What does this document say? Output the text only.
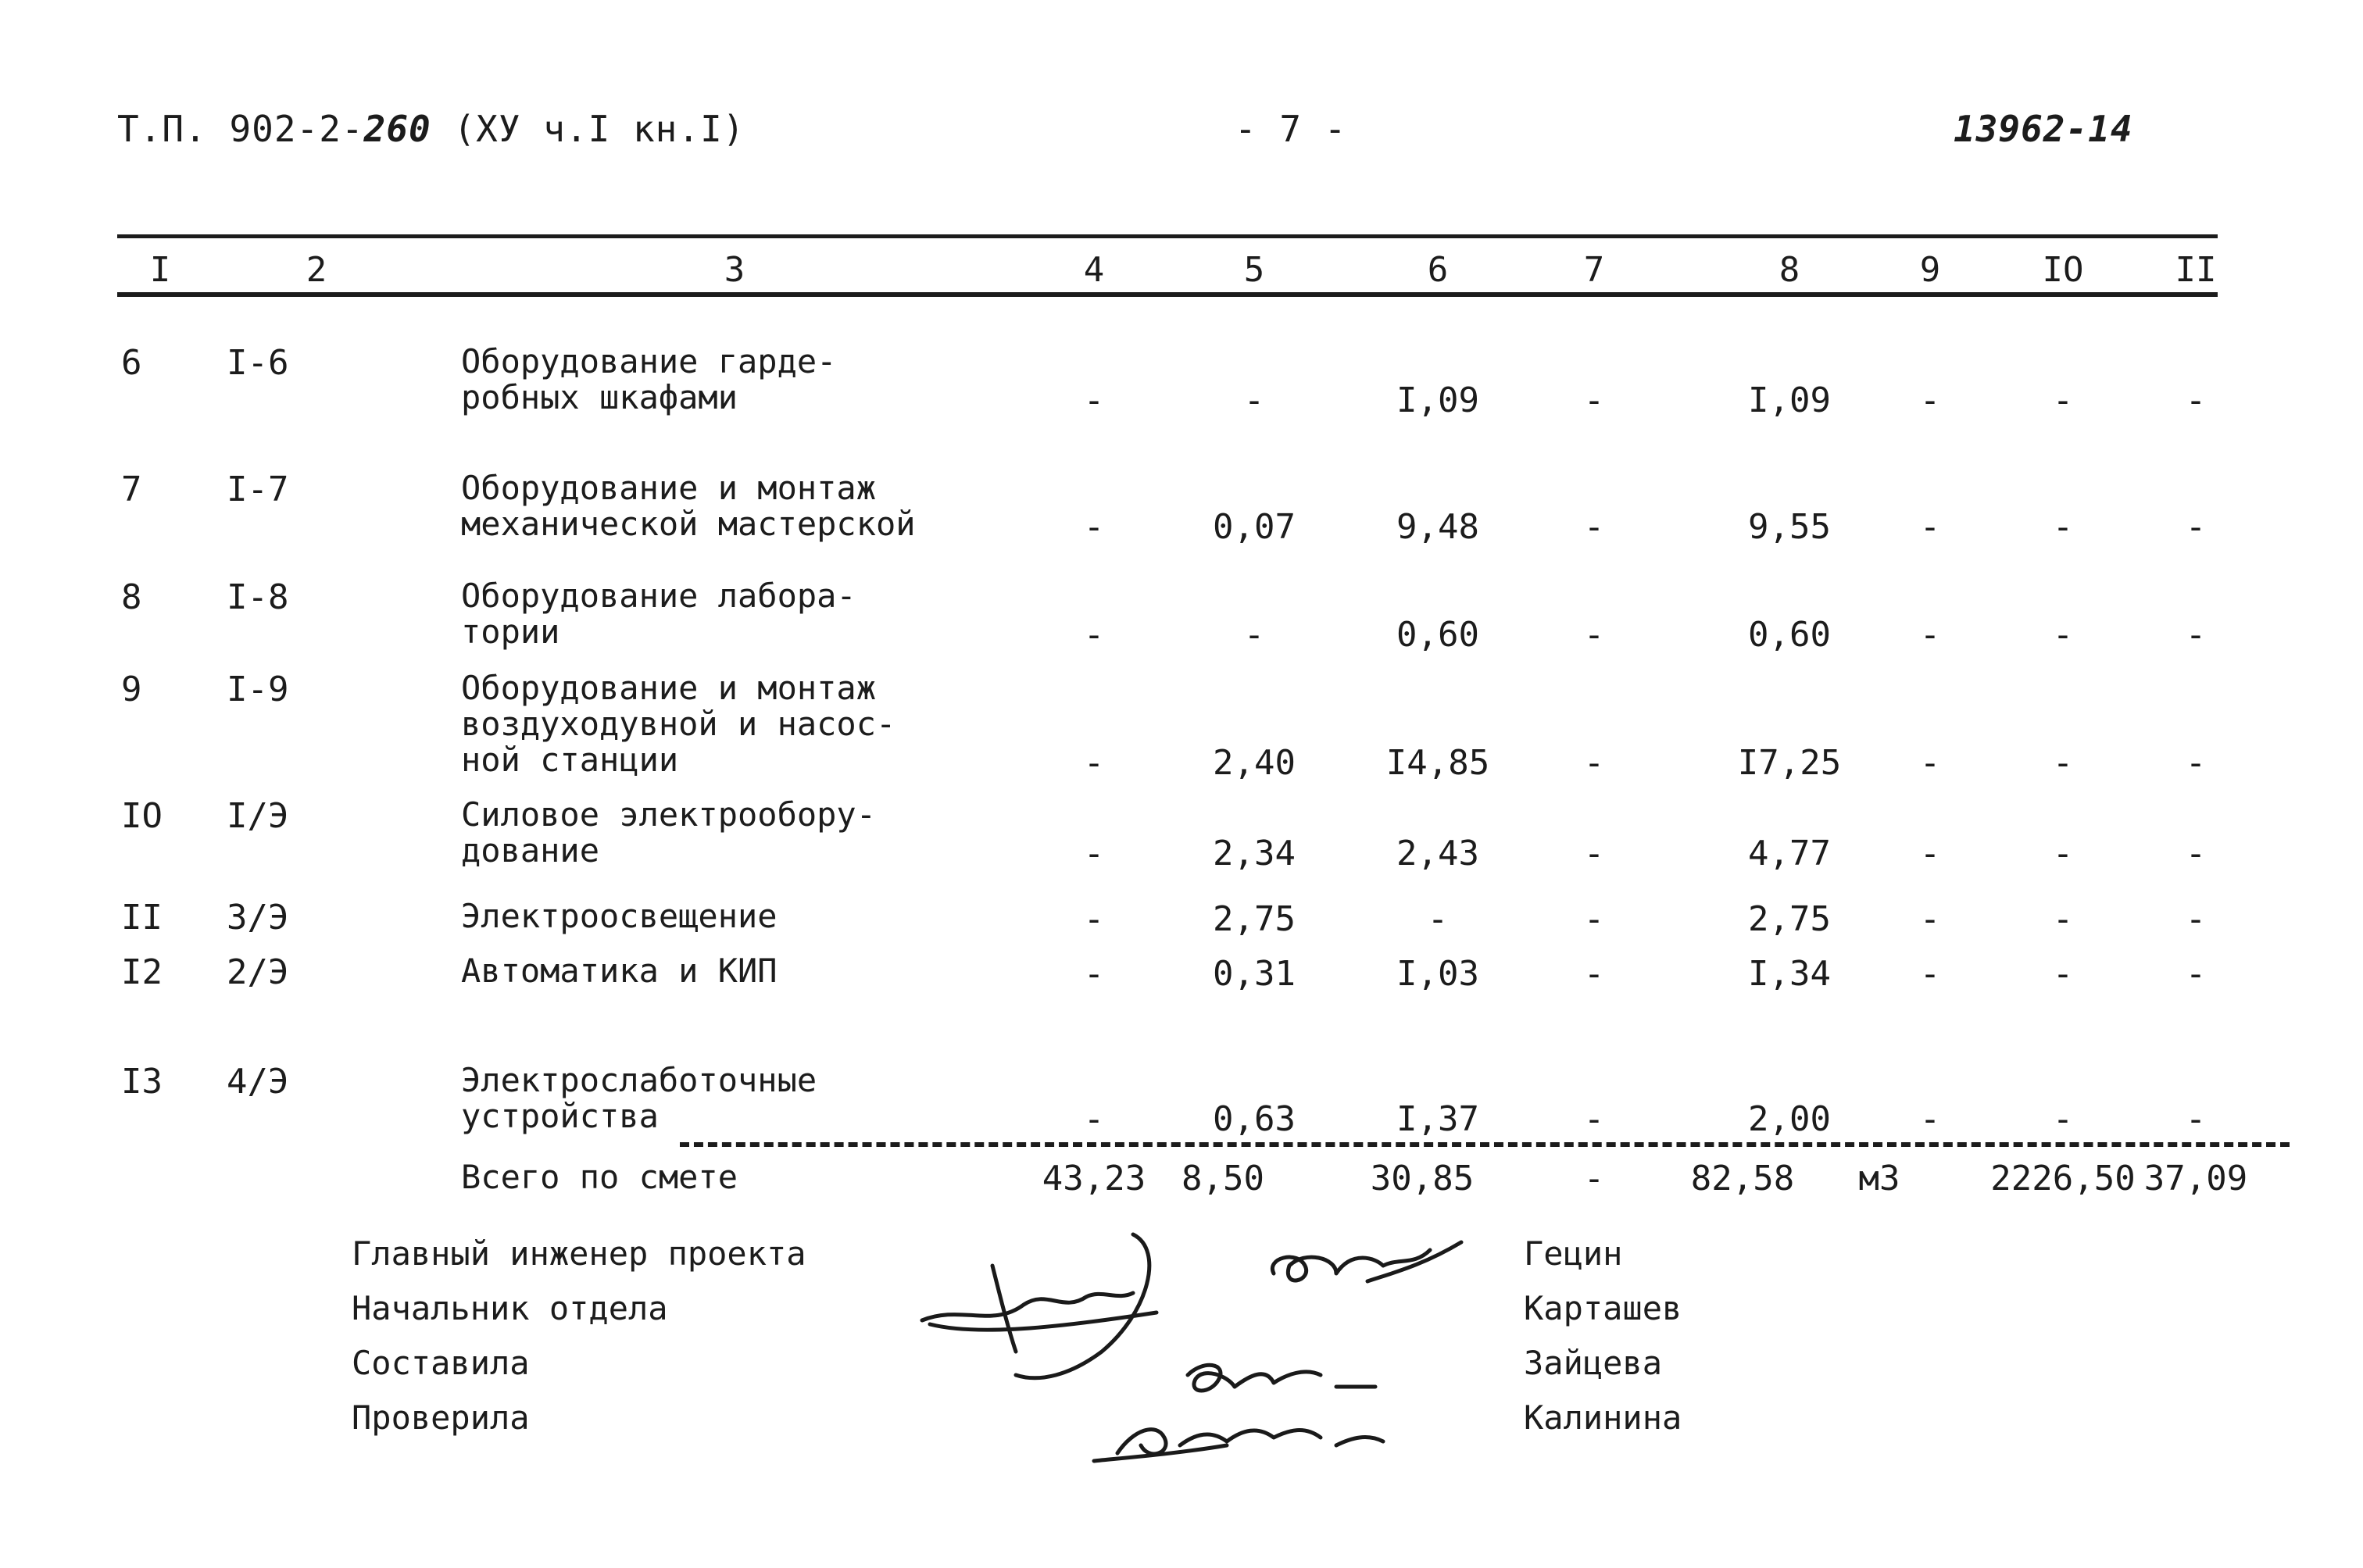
Т.П. 902-2-260 (ХУ ч.I кн.I)	- 7 -	13962-14
I	2	3	4	5	6	7	8	9	IO	II
6 I-6	Оборудование гарде-
робных шкафами	-	-	I,09	-	I,09	-	-	-
7 I-7	Оборудование и монтаж
механической мастерской	-	0,07	9,48	-	9,55	-	-	-
8 I-8	Оборудование лабора-
тории	-	-	0,60	-	0,60	-	-	-
9 I-9	Оборудование и монтаж
воздуходувной и насос-
ной станции	-	2,40	I4,85	-	I7,25 -	-	-
IO I/Э	Силовое электрообору-
дование	-	2,34	2,43	-	4,77	-	-	-
II 3/Э	Электроосвещение	-	2,75	-	-	2,75	-	-	-
I2 2/Э	Автоматика и КИП	-	0,31	I,03	-	I,34	-	-	-
I3 4/Э	Электрослаботочные
устройства	-	0,63	I,37	-	2,00	-	-	-
Всего по смете	43,23 8,50	30,85	-	82,58 м3	2226,50 37,09
Главный инженер проекта	Гецин
Начальник отдела	Карташев
Составила	Зайцева
Проверила	Калинина
